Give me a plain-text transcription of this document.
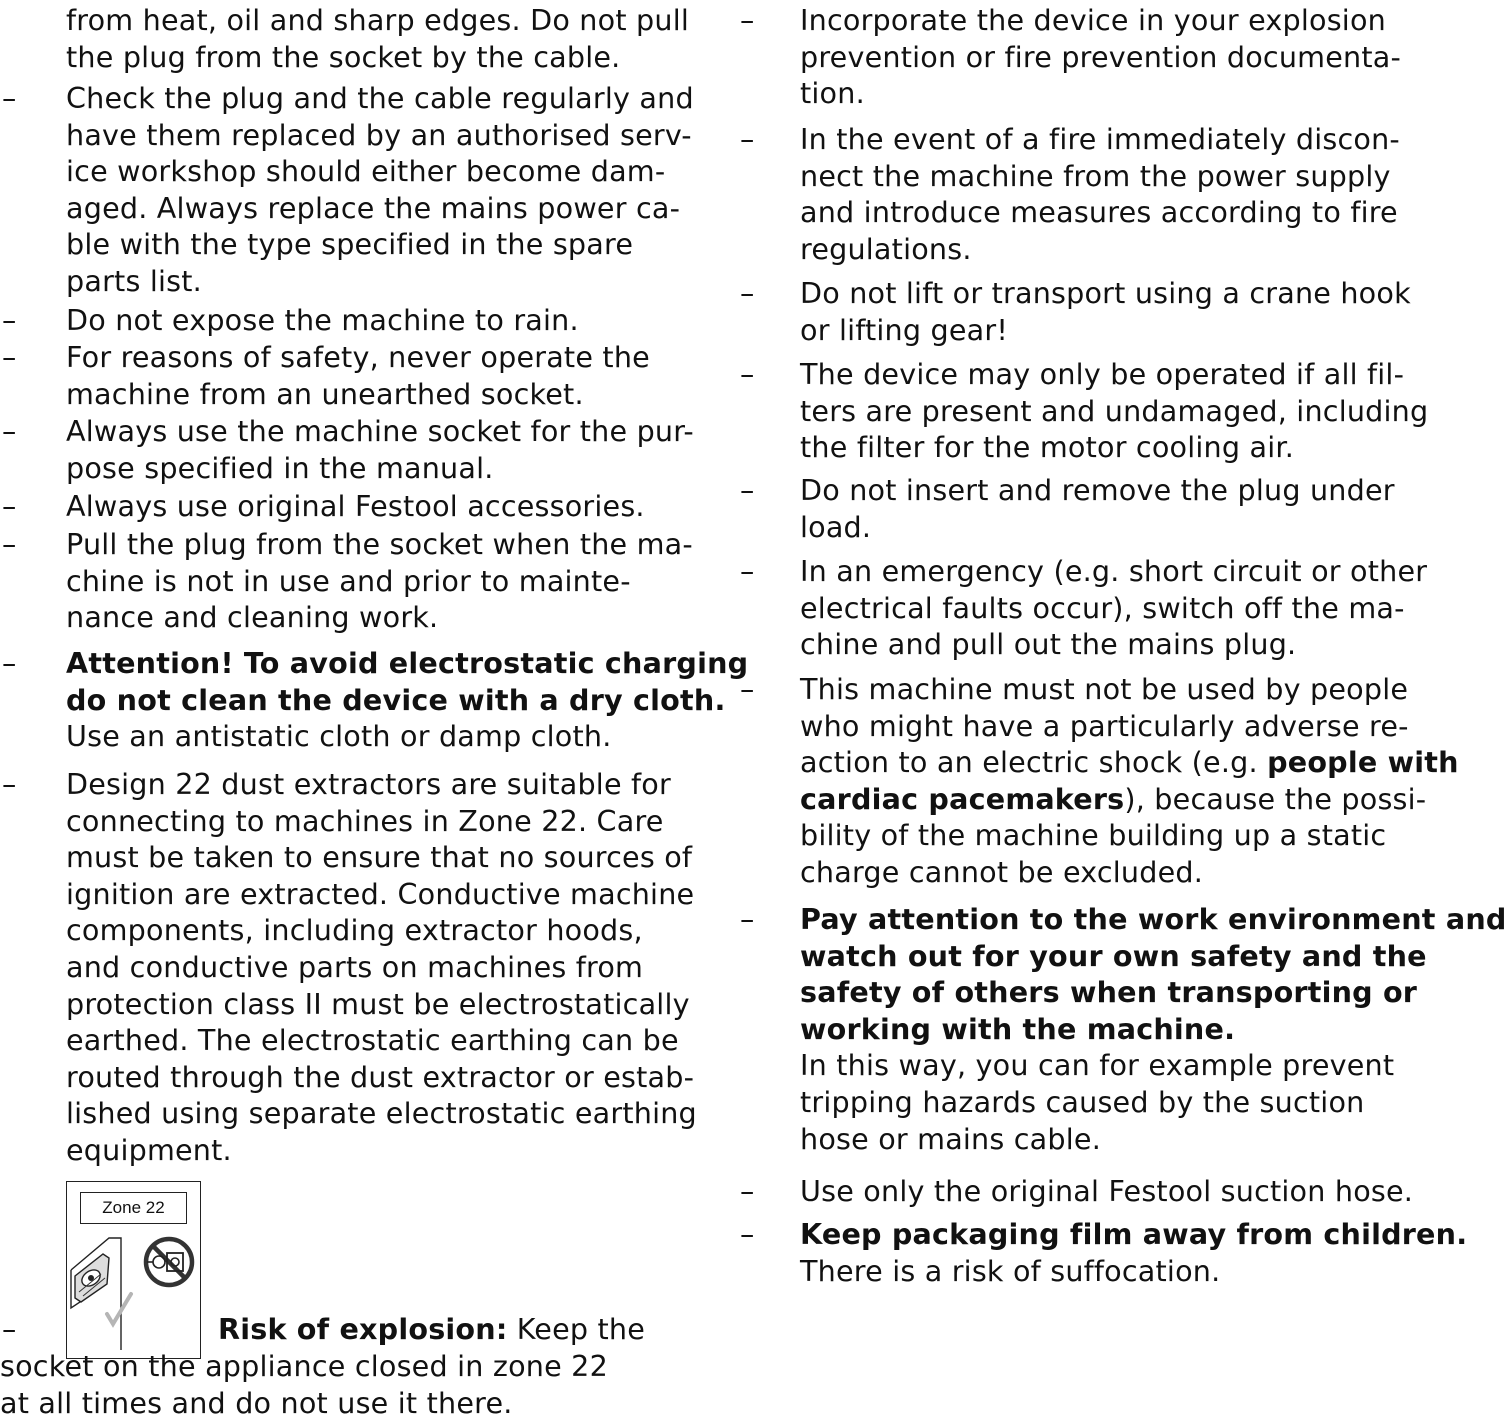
from heat, oil and sharp edges. Do not pull
the plug from the socket by the cable.
– Check the plug and the cable regularly and
have them replaced by an authorised serv-
ice workshop should either become dam-
aged. Always replace the mains power ca-
ble with the type specified in the spare
parts list.
– Do not expose the machine to rain.
– For reasons of safety, never operate the
machine from an unearthed socket.
– Always use the machine socket for the pur-
pose specified in the manual.
– Always use original Festool accessories.
– Pull the plug from the socket when the ma-
chine is not in use and prior to mainte-
nance and cleaning work.
– Attention! To avoid electrostatic charging
do not clean the device with a dry cloth.
Use an antistatic cloth or damp cloth.
– Design 22 dust extractors are suitable for
connecting to machines in Zone 22. Care
must be taken to ensure that no sources of
ignition are extracted. Conductive machine
components, including extractor hoods,
and conductive parts on machines from
protection class II must be electrostatically
earthed. The electrostatic earthing can be
routed through the dust extractor or estab-
lished using separate electrostatic earthing
equipment.
Zone 22
–	Risk of explosion: Keep the
socket on the appliance closed in zone 22
at all times and do not use it there.
– Incorporate the device in your explosion
prevention or fire prevention documenta-
tion.
– In the event of a fire immediately discon-
nect the machine from the power supply
and introduce measures according to fire
regulations.
– Do not lift or transport using a crane hook
or lifting gear!
– The device may only be operated if all fil-
ters are present and undamaged, including
the filter for the motor cooling air.
– Do not insert and remove the plug under
load.
– In an emergency (e.g. short circuit or other
electrical faults occur), switch off the ma-
chine and pull out the mains plug.
– This machine must not be used by people
who might have a particularly adverse re-
action to an electric shock (e.g. people with
cardiac pacemakers), because the possi-
bility of the machine building up a static
charge cannot be excluded.
– Pay attention to the work environment and
watch out for your own safety and the
safety of others when transporting or
working with the machine.
In this way, you can for example prevent
tripping hazards caused by the suction
hose or mains cable.
– Use only the original Festool suction hose.
– Keep packaging film away from children.
There is a risk of suffocation.
